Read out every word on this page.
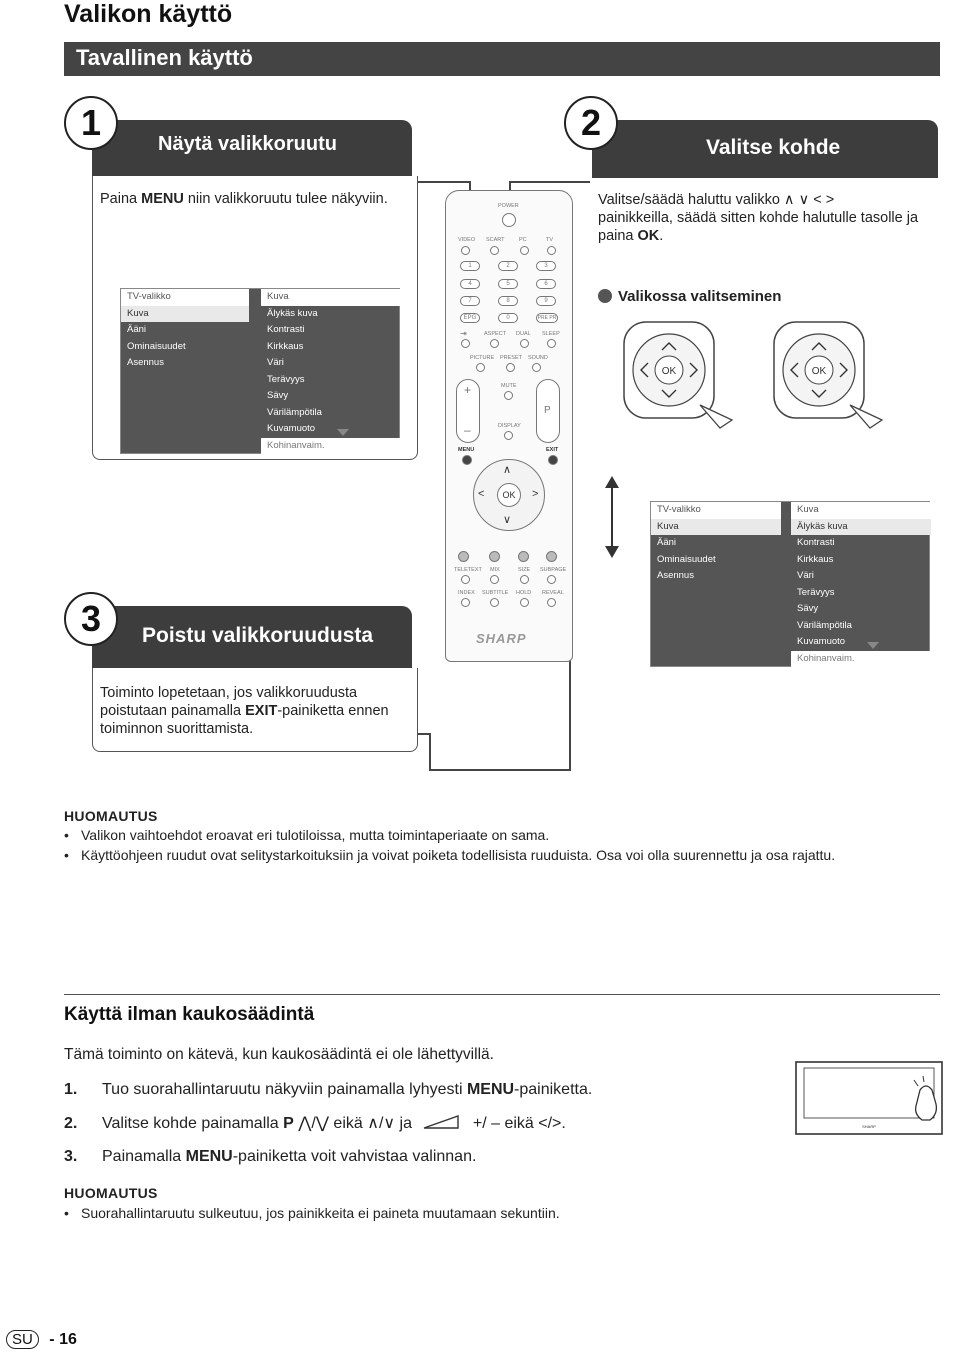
Valikon käyttö
Tavallinen käyttö
Näytä valikkoruutu
1
Paina MENU niin valikkoruutu tulee näkyviin.
TV-valikko
Kuva
Ääni
Ominaisuudet
Asennus
Kuva
Älykäs kuva
Kontrasti
Kirkkaus
Väri
Terävyys
Sävy
Värilämpötila
Kuvamuoto
Kohinanvaim.
Valitse kohde
2
Valitse/säädä haluttu valikko ∧ ∨ < >
painikkeilla, säädä sitten kohde halutulle tasolle ja
paina OK.
Valikossa valitseminen
OK	OK
TV-valikko
Kuva
Ääni
Ominaisuudet
Asennus
Kuva
Älykäs kuva
Kontrasti
Kirkkaus
Väri
Terävyys
Sävy
Värilämpötila
Kuvamuoto
Kohinanvaim.
POWER
VIDEO SCART	PC	TV
1	2	3
4	5	6
7	8	9
EPG	0	PRE PR
⇥	ASPECT DUAL SLEEP
PICTURE PRESET SOUND
+
–
MUTE
P
DISPLAY
MENU	EXIT
OK
∧
∨
<	>
TELETEXT MIX	SIZE SUBPAGE
INDEX SUBTITLE HOLD REVEAL
SHARP
Poistu valikkoruudusta
3
Toiminto lopetetaan, jos valikkoruudusta
poistutaan painamalla EXIT-painiketta ennen
toiminnon suorittamista.
HUOMAUTUS
• Valikon vaihtoehdot eroavat eri tulotiloissa, mutta toimintaperiaate on sama.
• Käyttöohjeen ruudut ovat selitystarkoituksiin ja voivat poiketa todellisista ruuduista. Osa voi olla suurennettu ja osa rajattu.
Käyttä ilman kaukosäädintä
Tämä toiminto on kätevä, kun kaukosäädintä ei ole lähettyvillä.
1. Tuo suorahallintaruutu näkyviin painamalla lyhyesti MENU-painiketta.
2. Valitse kohde painamalla P ⋀/⋁ eikä ∧/∨ ja	+/ – eikä </>.
3. Painamalla MENU-painiketta voit vahvistaa valinnan.
SHARP
HUOMAUTUS
• Suorahallintaruutu sulkeutuu, jos painikkeita ei paineta muutamaan sekuntiin.
SU - 16
